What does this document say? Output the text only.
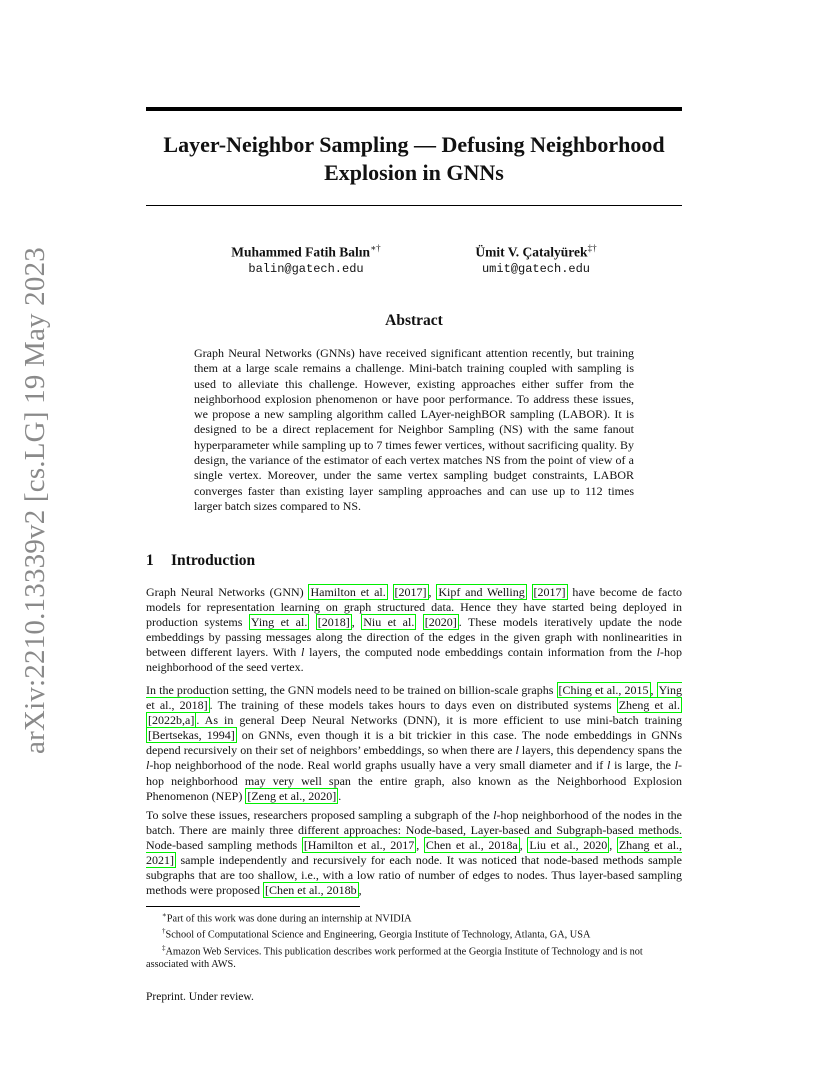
arXiv:2210.13339v2 [cs.LG] 19 May 2023
Layer-Neighbor Sampling — Defusing Neighborhood
Explosion in GNNs
Muhammed Fatih Balın∗†
balin@gatech.edu
Ümit V. Çatalyürek‡†
umit@gatech.edu
Abstract
Graph Neural Networks (GNNs) have received significant attention recently, but training them at a large scale remains a challenge. Mini-batch training coupled with sampling is used to alleviate this challenge. However, existing approaches either suffer from the neighborhood explosion phenomenon or have poor performance. To address these issues, we propose a new sampling algorithm called LAyer-neighBOR sampling (LABOR). It is designed to be a direct replacement for Neighbor Sampling (NS) with the same fanout hyperparameter while sampling up to 7 times fewer vertices, without sacrificing quality. By design, the variance of the estimator of each vertex matches NS from the point of view of a single vertex. Moreover, under the same vertex sampling budget constraints, LABOR converges faster than existing layer sampling approaches and can use up to 112 times larger batch sizes compared to NS.
1 Introduction
Graph Neural Networks (GNN) Hamilton et al. [2017] , Kipf and Welling [2017] have become de facto models for representation learning on graph structured data. Hence they have started being deployed in production systems Ying et al. [2018] , Niu et al. [2020] . These models iteratively update the node embeddings by passing messages along the direction of the edges in the given graph with nonlinearities in between different layers. With l layers, the computed node embeddings contain information from the l-hop neighborhood of the seed vertex.
In the production setting, the GNN models need to be trained on billion-scale graphs [Ching et al., 2015 , Ying et al., 2018] . The training of these models takes hours to days even on distributed systems Zheng et al. [2022b,a] . As in general Deep Neural Networks (DNN), it is more efficient to use mini-batch training [Bertsekas, 1994] on GNNs, even though it is a bit trickier in this case. The node embeddings in GNNs depend recursively on their set of neighbors’ embeddings, so when there are l layers, this dependency spans the l-hop neighborhood of the node. Real world graphs usually have a very small diameter and if l is large, the l-hop neighborhood may very well span the entire graph, also known as the Neighborhood Explosion Phenomenon (NEP) [Zeng et al., 2020] .
To solve these issues, researchers proposed sampling a subgraph of the l-hop neighborhood of the nodes in the batch. There are mainly three different approaches: Node-based, Layer-based and Subgraph-based methods. Node-based sampling methods [Hamilton et al., 2017 , Chen et al., 2018a , Liu et al., 2020 , Zhang et al., 2021] sample independently and recursively for each node. It was noticed that node-based methods sample subgraphs that are too shallow, i.e., with a low ratio of number of edges to nodes. Thus layer-based sampling methods were proposed [Chen et al., 2018b ,

∗Part of this work was done during an internship at NVIDIA

†School of Computational Science and Engineering, Georgia Institute of Technology, Atlanta, GA, USA

‡Amazon Web Services. This publication describes work performed at the Georgia Institute of Technology and is not associated with AWS.

Preprint. Under review.
